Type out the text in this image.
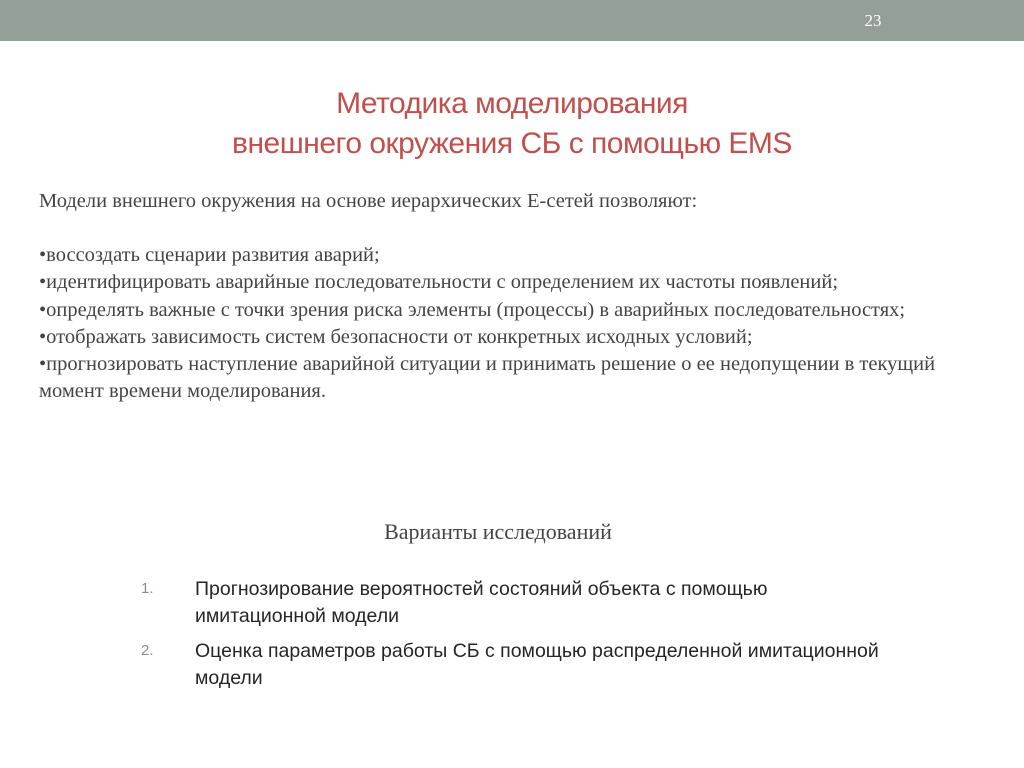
23
Методика моделирования
внешнего окружения СБ с помощью EMS
Модели внешнего окружения на основе иерархических Е-сетей позволяют:
•воссоздать сценарии развития аварий;
•идентифицировать аварийные последовательности с определением их частоты появлений;
•определять важные с точки зрения риска элементы (процессы) в аварийных последовательностях;
•отображать зависимость систем безопасности от конкретных исходных условий;
•прогнозировать наступление аварийной ситуации и принимать решение о ее недопущении в текущий момент времени моделирования.
Варианты исследований
1. Прогнозирование вероятностей состояний объекта с помощью имитационной модели
2. Оценка параметров работы СБ с помощью распределенной имитационной модели
